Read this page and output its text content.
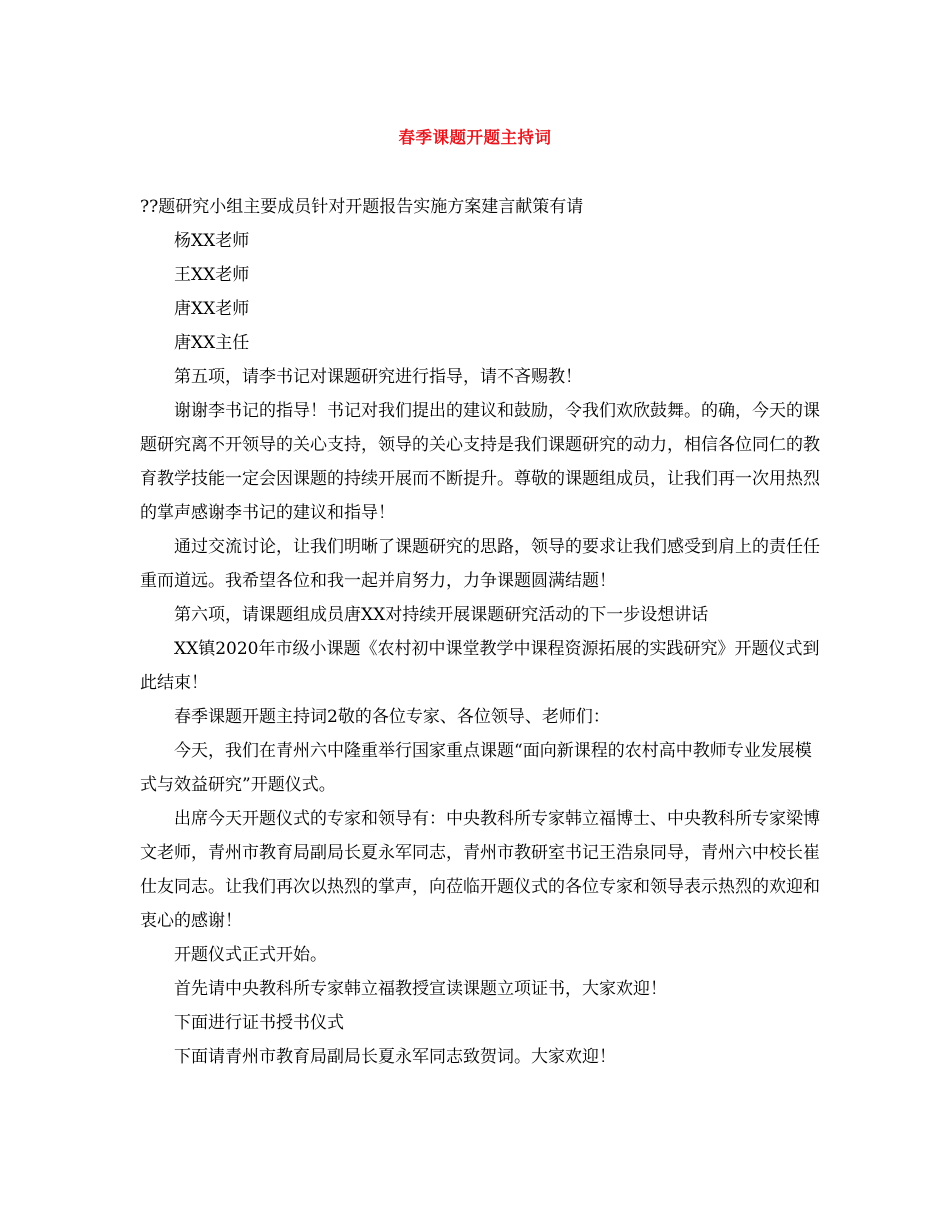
春季课题开题主持词

??题研究小组主要成员针对开题报告实施方案建言献策有请

杨XX老师

王XX老师

唐XX老师

唐XX主任

第五项，请李书记对课题研究进行指导，请不吝赐教！

谢谢李书记的指导！书记对我们提出的建议和鼓励，令我们欢欣鼓舞。的确，今天的课题研究离不开领导的关心支持，领导的关心支持是我们课题研究的动力，相信各位同仁的教育教学技能一定会因课题的持续开展而不断提升。尊敬的课题组成员，让我们再一次用热烈的掌声感谢李书记的建议和指导！

通过交流讨论，让我们明晰了课题研究的思路，领导的要求让我们感受到肩上的责任任重而道远。我希望各位和我一起并肩努力，力争课题圆满结题！

第六项，请课题组成员唐XX对持续开展课题研究活动的下一步设想讲话

XX镇2020年市级小课题《农村初中课堂教学中课程资源拓展的实践研究》开题仪式到此结束！

春季课题开题主持词2敬的各位专家、各位领导、老师们：

今天，我们在青州六中隆重举行国家重点课题“面向新课程的农村高中教师专业发展模式与效益研究”开题仪式。

出席今天开题仪式的专家和领导有：中央教科所专家韩立福博士、中央教科所专家梁博文老师，青州市教育局副局长夏永军同志，青州市教研室书记王浩泉同导，青州六中校长崔仕友同志。让我们再次以热烈的掌声，向莅临开题仪式的各位专家和领导表示热烈的欢迎和衷心的感谢！

开题仪式正式开始。

首先请中央教科所专家韩立福教授宣读课题立项证书，大家欢迎！

下面进行证书授书仪式

下面请青州市教育局副局长夏永军同志致贺词。大家欢迎！
